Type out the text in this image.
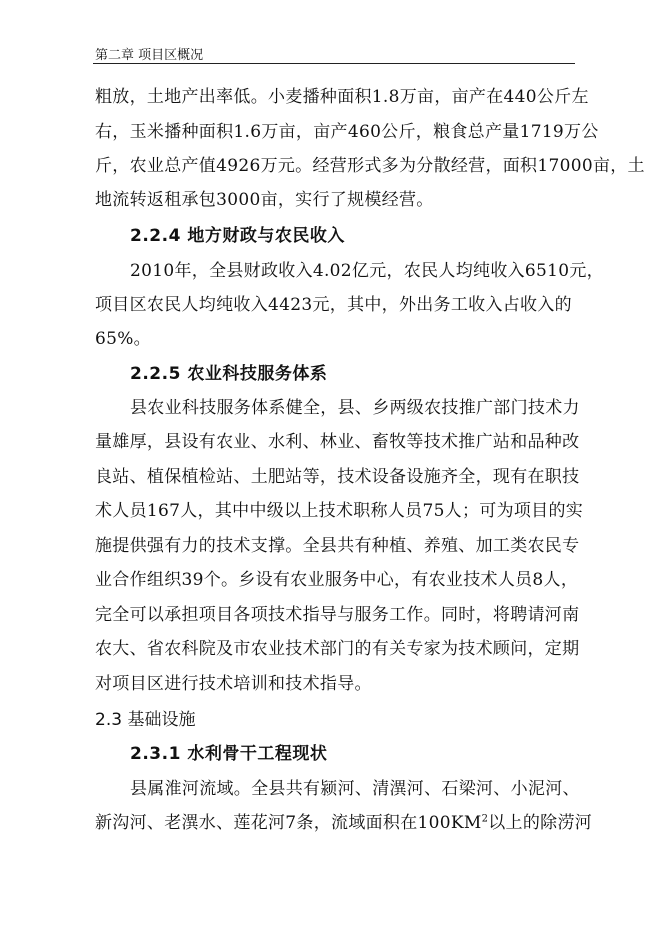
第二章 项目区概况
粗放，土地产出率低。小麦播种面积1.8万亩，亩产在440公斤左
右，玉米播种面积1.6万亩，亩产460公斤，粮食总产量1719万公
斤，农业总产值4926万元。经营形式多为分散经营，面积17000亩，土
地流转返租承包3000亩，实行了规模经营。
2.2.4 地方财政与农民收入
2010年，全县财政收入4.02亿元，农民人均纯收入6510元，
项目区农民人均纯收入4423元，其中，外出务工收入占收入的
65%。
2.2.5 农业科技服务体系
县农业科技服务体系健全，县、乡两级农技推广部门技术力
量雄厚，县设有农业、水利、林业、畜牧等技术推广站和品种改
良站、植保植检站、土肥站等，技术设备设施齐全，现有在职技
术人员167人，其中中级以上技术职称人员75人；可为项目的实
施提供强有力的技术支撑。全县共有种植、养殖、加工类农民专
业合作组织39个。乡设有农业服务中心，有农业技术人员8人，
完全可以承担项目各项技术指导与服务工作。同时，将聘请河南
农大、省农科院及市农业技术部门的有关专家为技术顾问，定期
对项目区进行技术培训和技术指导。
2.3 基础设施
2.3.1 水利骨干工程现状
县属淮河流域。全县共有颍河、清潩河、石梁河、小泥河、
新沟河、老潩水、莲花河7条，流域面积在$100KM^2$以上的除涝河
